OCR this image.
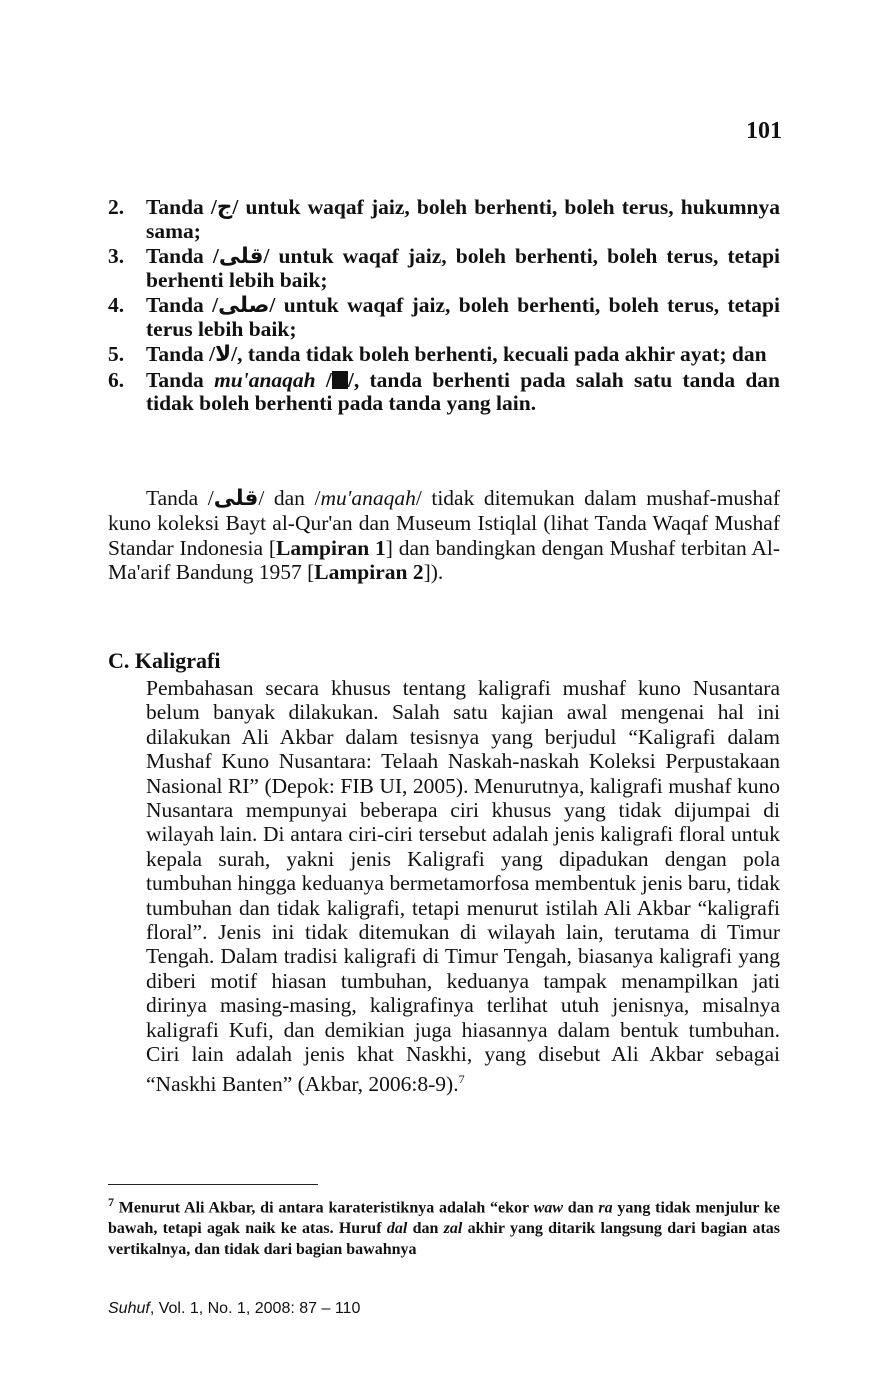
101
2. Tanda /ج/ untuk waqaf jaiz, boleh berhenti, boleh terus, hukumnya sama;
3. Tanda /قلى/ untuk waqaf jaiz, boleh berhenti, boleh terus, tetapi berhenti lebih baik;
4. Tanda /صلى/ untuk waqaf jaiz, boleh berhenti, boleh terus, tetapi terus lebih baik;
5. Tanda /لا/, tanda tidak boleh berhenti, kecuali pada akhir ayat; dan
6. Tanda mu'anaqah / /, tanda berhenti pada salah satu tanda dan tidak boleh berhenti pada tanda yang lain.
Tanda /قلى/ dan /mu'anaqah/ tidak ditemukan dalam mushaf-mushaf kuno koleksi Bayt al-Qur'an dan Museum Istiqlal (lihat Tanda Waqaf Mushaf Standar Indonesia [Lampiran 1] dan bandingkan dengan Mushaf terbitan Al-Ma'arif Bandung 1957 [Lampiran 2]).
C. Kaligrafi
Pembahasan secara khusus tentang kaligrafi mushaf kuno Nusantara belum banyak dilakukan. Salah satu kajian awal mengenai hal ini dilakukan Ali Akbar dalam tesisnya yang berjudul “Kaligrafi dalam Mushaf Kuno Nusantara: Telaah Naskah-naskah Koleksi Perpustakaan Nasional RI” (Depok: FIB UI, 2005). Menurutnya, kaligrafi mushaf kuno Nusantara mempunyai beberapa ciri khusus yang tidak dijumpai di wilayah lain. Di antara ciri-ciri tersebut adalah jenis kaligrafi floral untuk kepala surah, yakni jenis Kaligrafi yang dipadukan dengan pola tumbuhan hingga keduanya bermetamorfosa membentuk jenis baru, tidak tumbuhan dan tidak kaligrafi, tetapi menurut istilah Ali Akbar “kaligrafi floral”. Jenis ini tidak ditemukan di wilayah lain, terutama di Timur Tengah. Dalam tradisi kaligrafi di Timur Tengah, biasanya kaligrafi yang diberi motif hiasan tumbuhan, keduanya tampak menampilkan jati dirinya masing-masing, kaligrafinya terlihat utuh jenisnya, misalnya kaligrafi Kufi, dan demikian juga hiasannya dalam bentuk tumbuhan. Ciri lain adalah jenis khat Naskhi, yang disebut Ali Akbar sebagai “Naskhi Banten” (Akbar, 2006:8-9).$^7$
$^7$ Menurut Ali Akbar, di antara karateristiknya adalah “ekor waw dan ra yang tidak menjulur ke bawah, tetapi agak naik ke atas. Huruf dal dan zal akhir yang ditarik langsung dari bagian atas vertikalnya, dan tidak dari bagian bawahnya
Suhuf, Vol. 1, No. 1, 2008: 87 – 110
